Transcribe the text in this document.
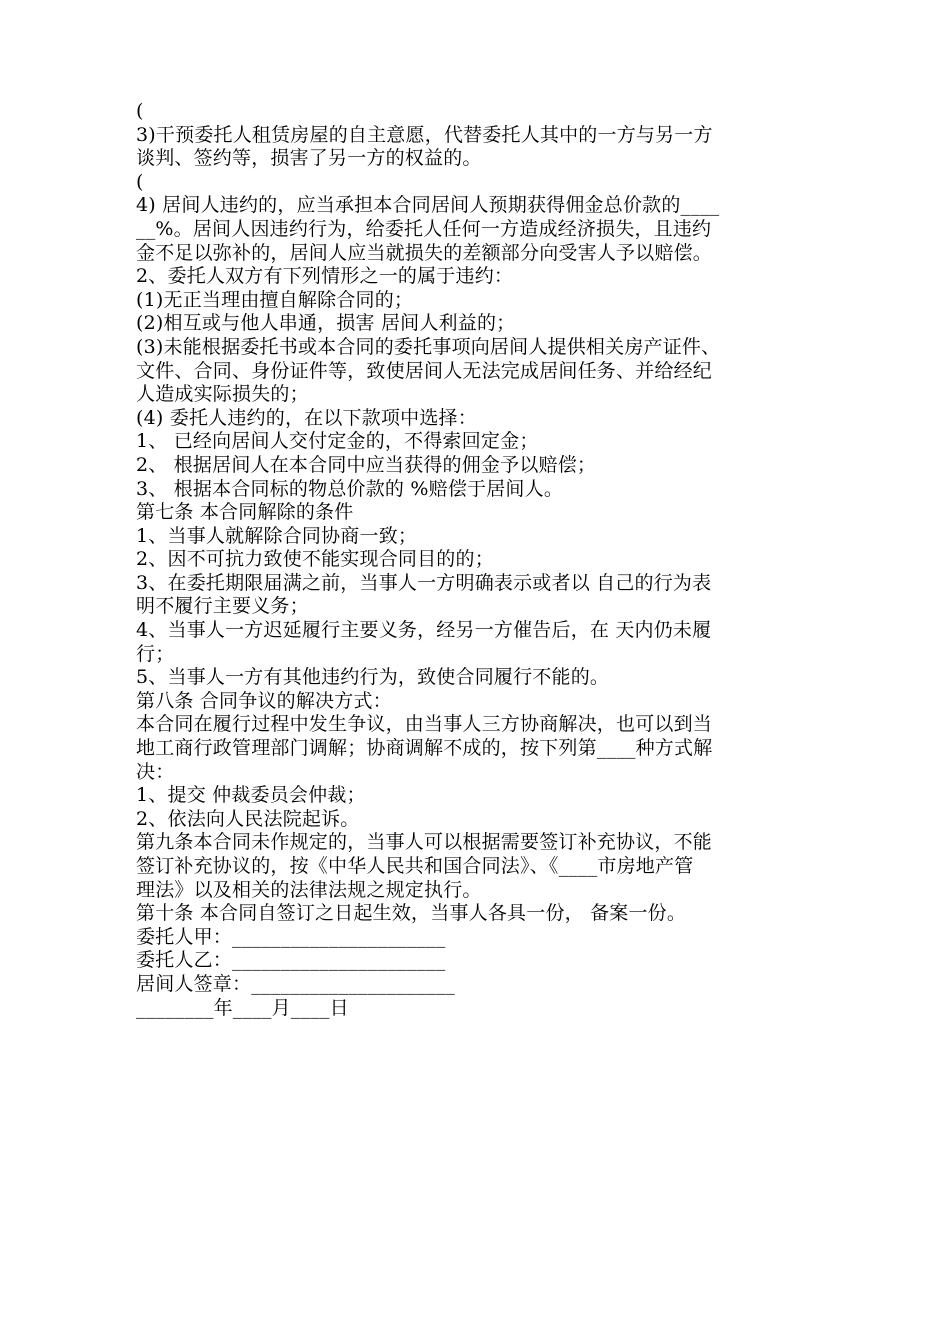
(
3)干预委托人租赁房屋的自主意愿，代替委托人其中的一方与另一方
谈判、签约等，损害了另一方的权益的。
(
4) 居间人违约的，应当承担本合同居间人预期获得佣金总价款的____
__%。居间人因违约行为，给委托人任何一方造成经济损失，且违约
金不足以弥补的，居间人应当就损失的差额部分向受害人予以赔偿。
2、委托人双方有下列情形之一的属于违约：
(1)无正当理由擅自解除合同的；
(2)相互或与他人串通，损害 居间人利益的；
(3)未能根据委托书或本合同的委托事项向居间人提供相关房产证件、
文件、合同、身份证件等，致使居间人无法完成居间任务、并给经纪
人造成实际损失的；
(4) 委托人违约的，在以下款项中选择：
1、 已经向居间人交付定金的，不得索回定金；
2、 根据居间人在本合同中应当获得的佣金予以赔偿；
3、 根据本合同标的物总价款的 %赔偿于居间人。
第七条 本合同解除的条件
1、当事人就解除合同协商一致；
2、因不可抗力致使不能实现合同目的的；
3、在委托期限届满之前，当事人一方明确表示或者以 自己的行为表
明不履行主要义务；
4、当事人一方迟延履行主要义务，经另一方催告后，在 天内仍未履
行；
5、当事人一方有其他违约行为，致使合同履行不能的。
第八条 合同争议的解决方式：
本合同在履行过程中发生争议，由当事人三方协商解决，也可以到当
地工商行政管理部门调解；协商调解不成的，按下列第____种方式解
决：
1、提交 仲裁委员会仲裁；
2、依法向人民法院起诉。
第九条本合同未作规定的，当事人可以根据需要签订补充协议，不能
签订补充协议的，按《中华人民共和国合同法》、《____市房地产管
理法》以及相关的法律法规之规定执行。
第十条 本合同自签订之日起生效，当事人各具一份， 备案一份。
委托人甲：______________________
委托人乙：______________________
居间人签章：_____________________
________年____月____日
